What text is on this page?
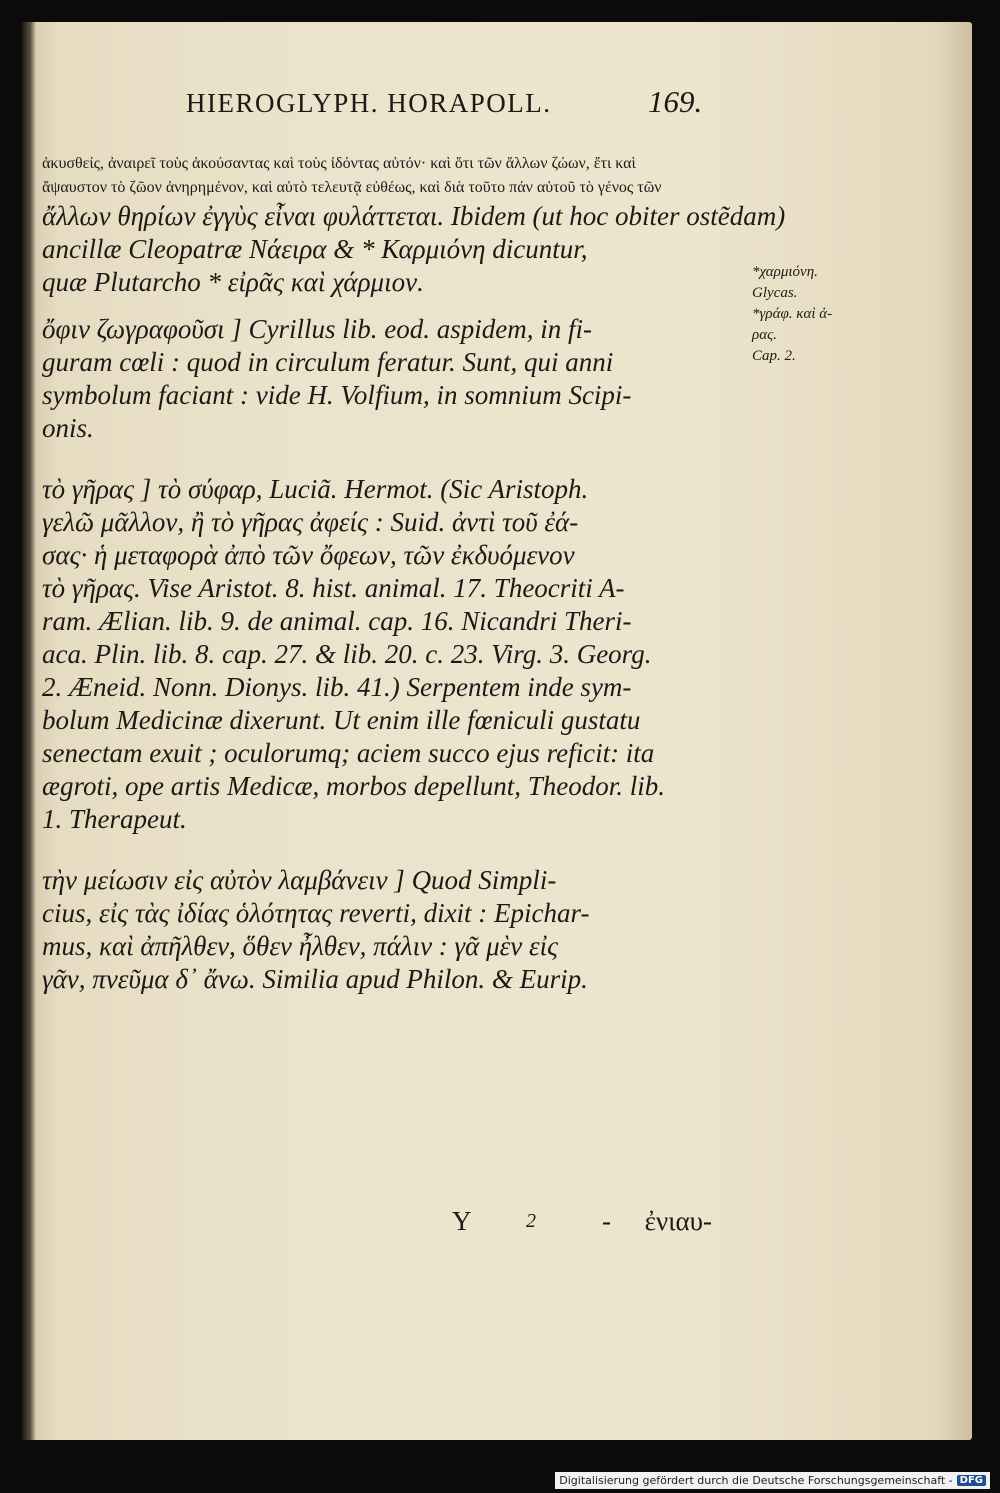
HIEROGLYPH. HORAPOLL.	169.
ἀκυσθείς, ἀναιρεῖ τοὺς ἀκούσαντας καὶ τοὺς ἰδόντας αὐτόν· καὶ ὅτι τῶν ἄλλων ζώων, ἔτι καὶ
ἄψαυστον τὸ ζῶον ἀνηρημένον, καὶ αὐτὸ τελευτᾷ εὐθέως, καὶ διὰ τοῦτο πάν αὐτοῦ τὸ γένος τῶν
ἄλλων θηρίων ἐγγὺς εἶναι φυλάττεται. Ibidem (ut hoc obiter ostẽdam)
ancillæ Cleopatræ Νάειρα & * Καρμιόνη dicuntur,
quæ Plutarcho * εἰρᾶς καὶ χάρμιον.
ὄφιν ζωγραφοῦσι ] Cyrillus lib. eod. aspidem, in fi-
guram cœli : quod in circulum feratur. Sunt, qui anni
symbolum faciant : vide H. Volfium, in somnium Scipi-
onis.
τὸ γῆρας ] τὸ σύφαρ, Luciã. Hermot. (Sic Aristoph.
γελῶ μᾶλλον, ἢ τὸ γῆρας ἀφείς : Suid. ἀντὶ τοῦ ἐά-
σας· ἡ μεταφορὰ ἀπὸ τῶν ὄφεων, τῶν ἐκδυόμενον
τὸ γῆρας. Vise Aristot. 8. hist. animal. 17. Theocriti A-
ram. Ælian. lib. 9. de animal. cap. 16. Nicandri Theri-
aca. Plin. lib. 8. cap. 27. & lib. 20. c. 23. Virg. 3. Georg.
2. Æneid. Nonn. Dionys. lib. 41.) Serpentem inde sym-
bolum Medicinæ dixerunt. Ut enim ille fœniculi gustatu
senectam exuit ; oculorumq; aciem succo ejus reficit: ita
ægroti, ope artis Medicæ, morbos depellunt, Theodor. lib.
1. Therapeut.
τὴν μείωσιν εἰς αὐτὸν λαμβάνειν ] Quod Simpli-
cius, εἰς τὰς ἰδίας ὁλότητας reverti, dixit : Epichar-
mus, καὶ ἀπῆλθεν, ὅθεν ἦλθεν, πάλιν : γᾶ μὲν εἰς
γᾶν, πνεῦμα δ᾽ ἄνω. Similia apud Philon. & Eurip.
*χαρμιόνη.
Glycas.
*γράφ. καὶ ἀ-
ρας.
Cap. 2.
Y	2 - ἐνιαυ-
Digitalisierung gefördert durch die Deutsche Forschungsgemeinschaft - DFG
